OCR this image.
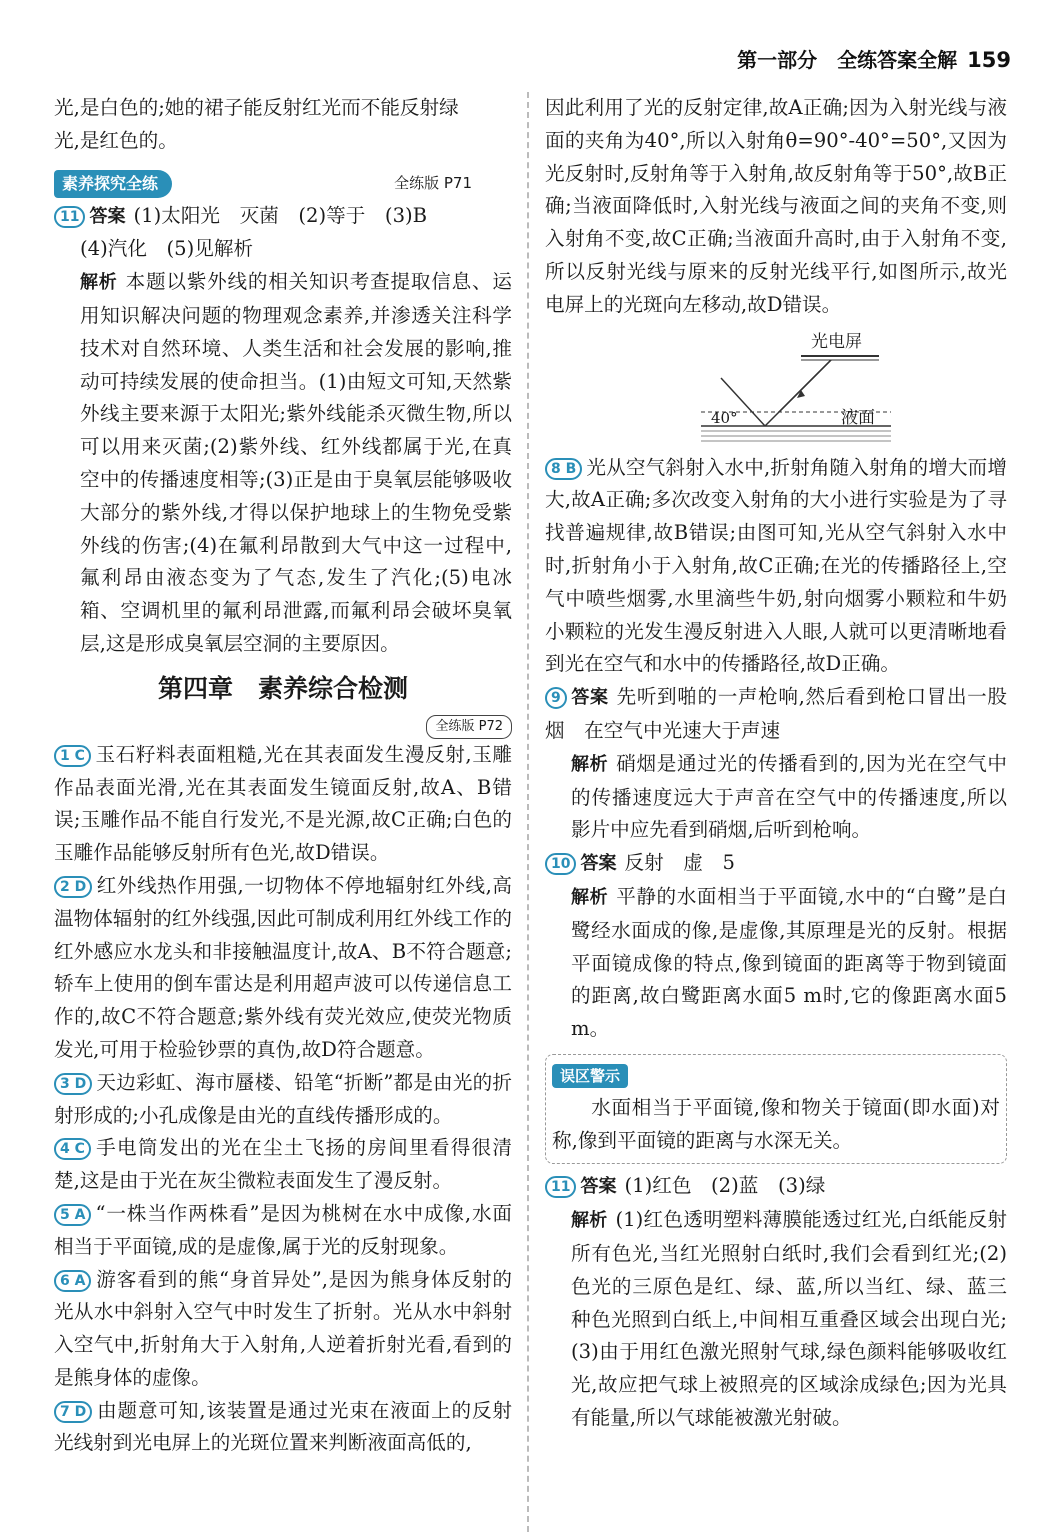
第一部分　全练答案全解 159

光,是白色的;她的裙子能反射红光而不能反射绿

光,是红色的。

素养探究全练	全练版 P71

11 答案 (1)太阳光　灭菌　(2)等于　(3)B

(4)汽化　(5)见解析

解析 本题以紫外线的相关知识考查提取信息、运用知识解决问题的物理观念素养,并渗透关注科学技术对自然环境、人类生活和社会发展的影响,推动可持续发展的使命担当。(1)由短文可知,天然紫外线主要来源于太阳光;紫外线能杀灭微生物,所以可以用来灭菌;(2)紫外线、红外线都属于光,在真空中的传播速度相等;(3)正是由于臭氧层能够吸收大部分的紫外线,才得以保护地球上的生物免受紫外线的伤害;(4)在氟利昂散到大气中这一过程中,氟利昂由液态变为了气态,发生了汽化;(5)电冰箱、空调机里的氟利昂泄露,而氟利昂会破坏臭氧层,这是形成臭氧层空洞的主要原因。

第四章　素养综合检测
全练版 P72

1 C 玉石籽料表面粗糙,光在其表面发生漫反射,玉雕作品表面光滑,光在其表面发生镜面反射,故A、B错误;玉雕作品不能自行发光,不是光源,故C正确;白色的玉雕作品能够反射所有色光,故D错误。

2 D 红外线热作用强,一切物体不停地辐射红外线,高温物体辐射的红外线强,因此可制成利用红外线工作的红外感应水龙头和非接触温度计,故A、B不符合题意;轿车上使用的倒车雷达是利用超声波可以传递信息工作的,故C不符合题意;紫外线有荧光效应,使荧光物质发光,可用于检验钞票的真伪,故D符合题意。

3 D 天边彩虹、海市蜃楼、铅笔“折断”都是由光的折射形成的;小孔成像是由光的直线传播形成的。

4 C 手电筒发出的光在尘土飞扬的房间里看得很清楚,这是由于光在灰尘微粒表面发生了漫反射。

5 A “一株当作两株看”是因为桃树在水中成像,水面相当于平面镜,成的是虚像,属于光的反射现象。

6 A 游客看到的熊“身首异处”,是因为熊身体反射的光从水中斜射入空气中时发生了折射。光从水中斜射入空气中,折射角大于入射角,人逆着折射光看,看到的是熊身体的虚像。

7 D 由题意可知,该装置是通过光束在液面上的反射光线射到光电屏上的光斑位置来判断液面高低的,

因此利用了光的反射定律,故A正确;因为入射光线与液面的夹角为40°,所以入射角θ=90°-40°=50°,又因为光反射时,反射角等于入射角,故反射角等于50°,故B正确;当液面降低时,入射光线与液面之间的夹角不变,则入射角不变,故C正确;当液面升高时,由于入射角不变,所以反射光线与原来的反射光线平行,如图所示,故光电屏上的光斑向左移动,故D错误。

光电屏
40°	液面

8 B 光从空气斜射入水中,折射角随入射角的增大而增大,故A正确;多次改变入射角的大小进行实验是为了寻找普遍规律,故B错误;由图可知,光从空气斜射入水中时,折射角小于入射角,故C正确;在光的传播路径上,空气中喷些烟雾,水里滴些牛奶,射向烟雾小颗粒和牛奶小颗粒的光发生漫反射进入人眼,人就可以更清晰地看到光在空气和水中的传播路径,故D正确。

9 答案 先听到啪的一声枪响,然后看到枪口冒出一股烟　在空气中光速大于声速

解析 硝烟是通过光的传播看到的,因为光在空气中的传播速度远大于声音在空气中的传播速度,所以影片中应先看到硝烟,后听到枪响。

10 答案 反射　虚　5

解析 平静的水面相当于平面镜,水中的“白鹭”是白鹭经水面成的像,是虚像,其原理是光的反射。根据平面镜成像的特点,像到镜面的距离等于物到镜面的距离,故白鹭距离水面5 m时,它的像距离水面5 m。

误区警示

水面相当于平面镜,像和物关于镜面(即水面)对称,像到平面镜的距离与水深无关。

11 答案 (1)红色　(2)蓝　(3)绿

解析 (1)红色透明塑料薄膜能透过红光,白纸能反射所有色光,当红光照射白纸时,我们会看到红光;(2)色光的三原色是红、绿、蓝,所以当红、绿、蓝三种色光照到白纸上,中间相互重叠区域会出现白光;(3)由于用红色激光照射气球,绿色颜料能够吸收红光,故应把气球上被照亮的区域涂成绿色;因为光具有能量,所以气球能被激光射破。
